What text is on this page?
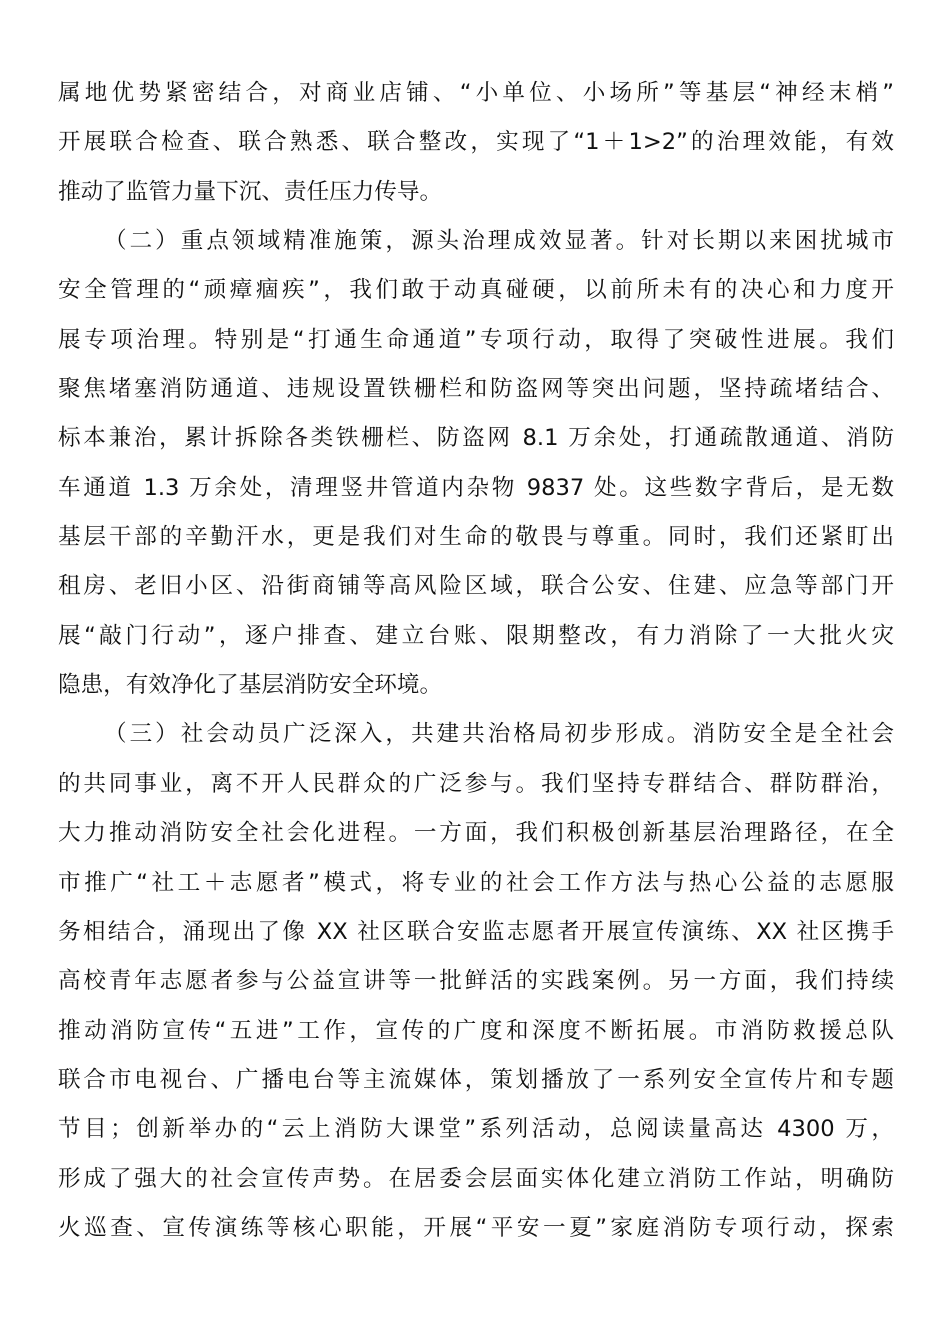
属地优势紧密结合，对商业店铺、“小单位、小场所”等基层“神经末梢”
开展联合检查、联合熟悉、联合整改，实现了“1＋1>2”的治理效能，有效
推动了监管力量下沉、责任压力传导。
（二）重点领域精准施策，源头治理成效显著。针对长期以来困扰城市
安全管理的“顽瘴痼疾”，我们敢于动真碰硬，以前所未有的决心和力度开
展专项治理。特别是“打通生命通道”专项行动，取得了突破性进展。我们
聚焦堵塞消防通道、违规设置铁栅栏和防盗网等突出问题，坚持疏堵结合、
标本兼治，累计拆除各类铁栅栏、防盗网 8.1 万余处，打通疏散通道、消防
车通道 1.3 万余处，清理竖井管道内杂物 9837 处。这些数字背后，是无数
基层干部的辛勤汗水，更是我们对生命的敬畏与尊重。同时，我们还紧盯出
租房、老旧小区、沿街商铺等高风险区域，联合公安、住建、应急等部门开
展“敲门行动”，逐户排查、建立台账、限期整改，有力消除了一大批火灾
隐患，有效净化了基层消防安全环境。
（三）社会动员广泛深入，共建共治格局初步形成。消防安全是全社会
的共同事业，离不开人民群众的广泛参与。我们坚持专群结合、群防群治，
大力推动消防安全社会化进程。一方面，我们积极创新基层治理路径，在全
市推广“社工＋志愿者”模式，将专业的社会工作方法与热心公益的志愿服
务相结合，涌现出了像 XX 社区联合安监志愿者开展宣传演练、XX 社区携手
高校青年志愿者参与公益宣讲等一批鲜活的实践案例。另一方面，我们持续
推动消防宣传“五进”工作，宣传的广度和深度不断拓展。市消防救援总队
联合市电视台、广播电台等主流媒体，策划播放了一系列安全宣传片和专题
节目；创新举办的“云上消防大课堂”系列活动，总阅读量高达 4300 万，
形成了强大的社会宣传声势。在居委会层面实体化建立消防工作站，明确防
火巡查、宣传演练等核心职能，开展“平安一夏”家庭消防专项行动，探索
